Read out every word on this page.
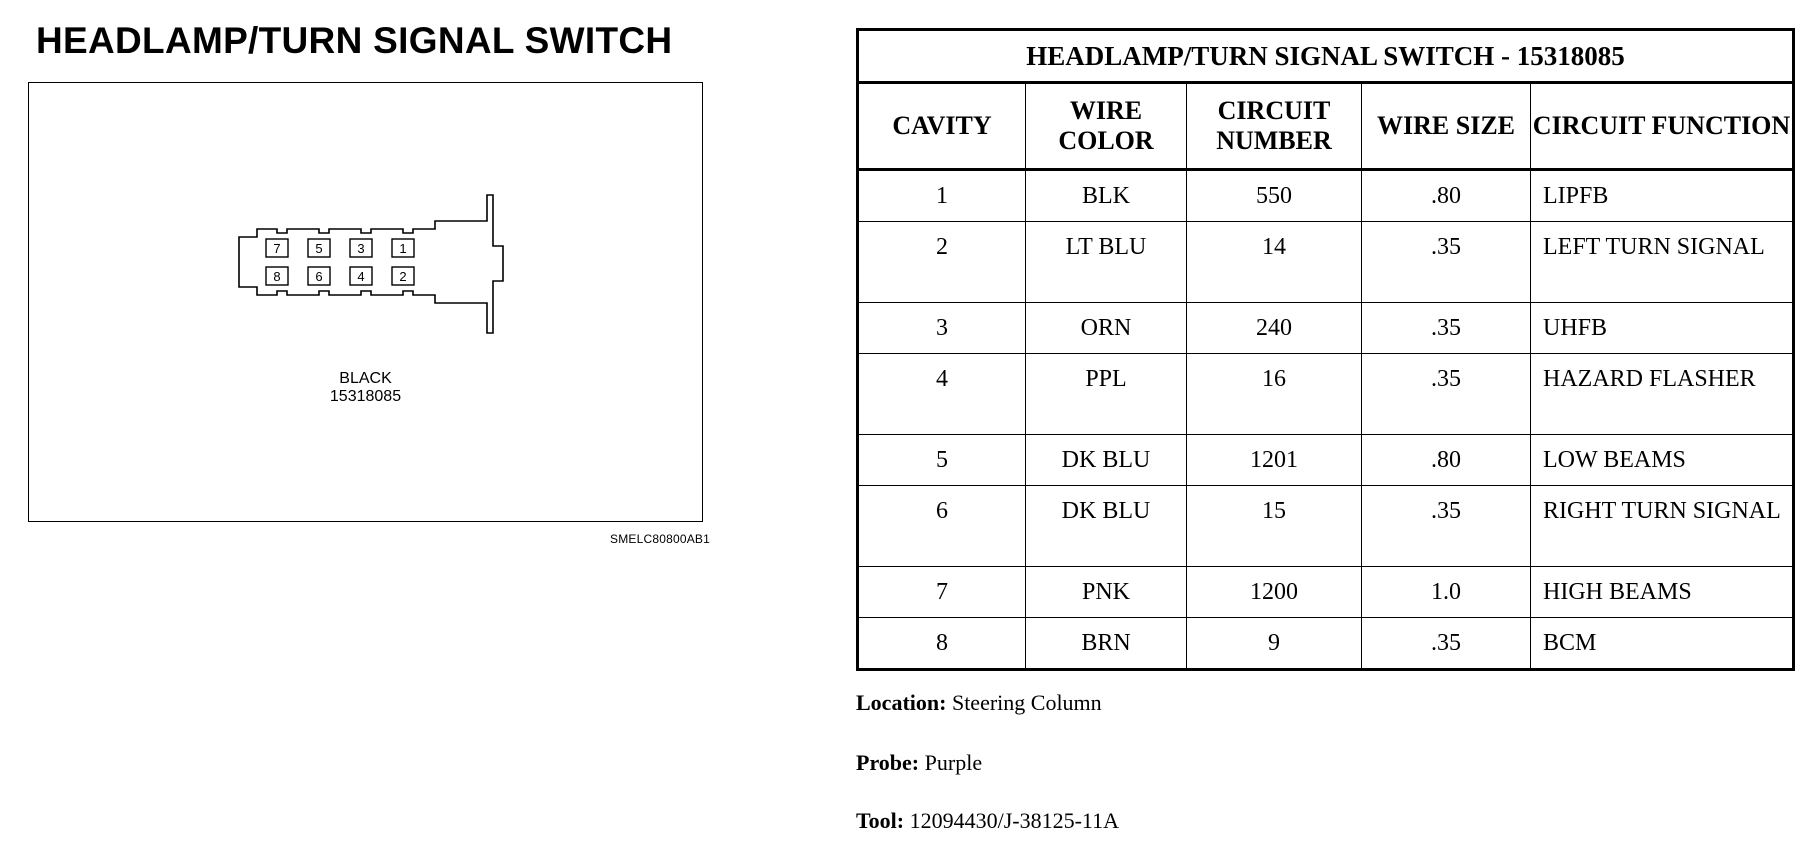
HEADLAMP/TURN SIGNAL SWITCH
7	5	3	1
8	6	4	2
BLACK
15318085
SMELC80800AB1
HEADLAMP/TURN SIGNAL SWITCH - 15318085				
CAVITY	WIRE COLOR	CIRCUIT NUMBER	WIRE SIZE	CIRCUIT FUNCTION
1	BLK	550	.80	LIPFB
2	LT BLU	14	.35	LEFT TURN SIGNAL
3	ORN	240	.35	UHFB
4	PPL	16	.35	HAZARD FLASHER
5	DK BLU	1201	.80	LOW BEAMS
6	DK BLU	15	.35	RIGHT TURN SIGNAL
7	PNK	1200	1.0	HIGH BEAMS
8	BRN	9	.35	BCM
Location: Steering Column
Probe: Purple
Tool: 12094430/J-38125-11A
